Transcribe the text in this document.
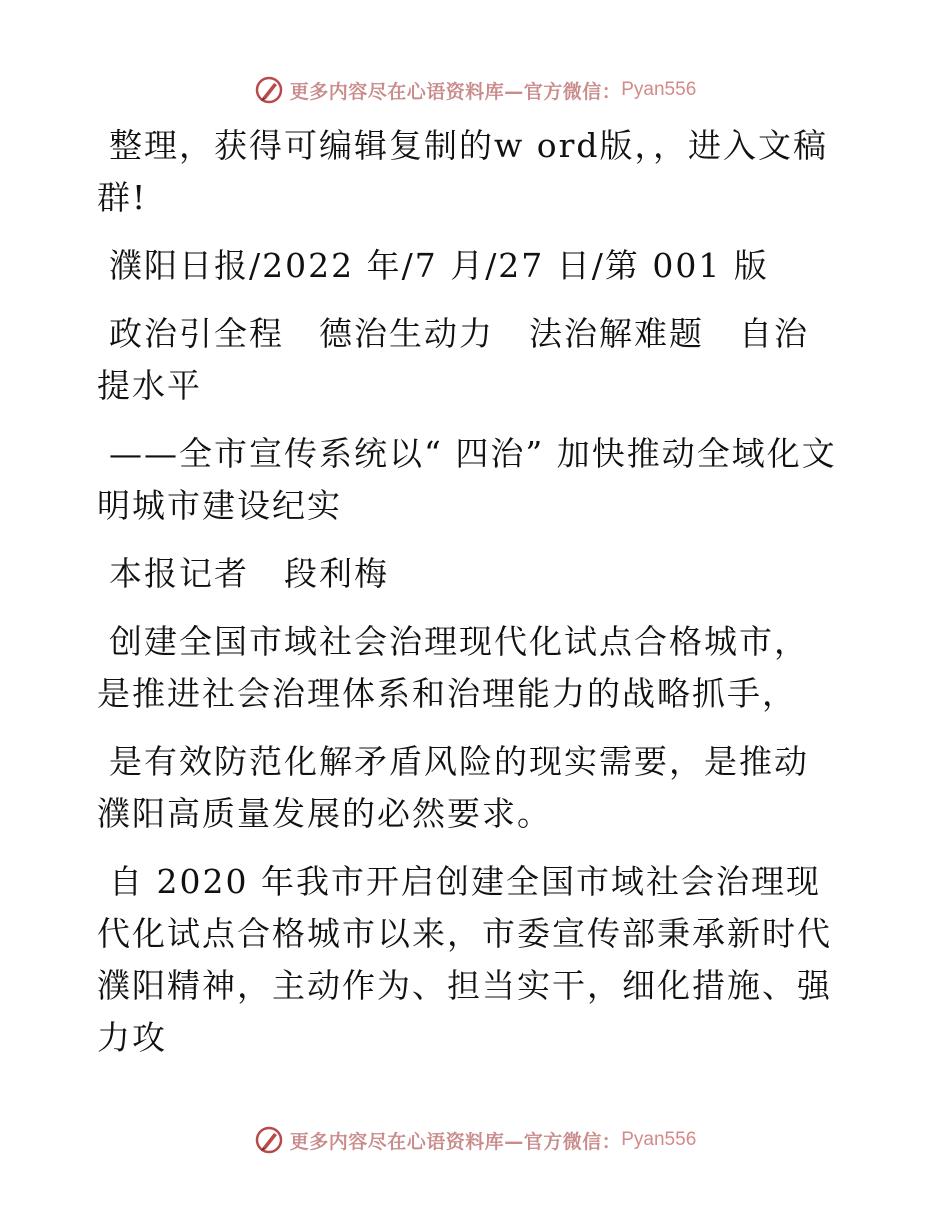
更多内容尽在心语资料库—官方微信： Pyan556

整理，获得可编辑复制的w ord版，，进入文稿群!

濮阳日报/2022 年/7 月/27 日/第 001 版

政治引全程　德治生动力　法治解难题　自治提水平

——全市宣传系统以“ 四治” 加快推动全域化文明城市建设纪实

本报记者　段利梅

创建全国市域社会治理现代化试点合格城市，是推进社会治理体系和治理能力的战略抓手，

是有效防范化解矛盾风险的现实需要，是推动濮阳高质量发展的必然要求。

自 2020 年我市开启创建全国市域社会治理现代化试点合格城市以来，市委宣传部秉承新时代濮阳精神，主动作为、担当实干，细化措施、强力攻

更多内容尽在心语资料库—官方微信： Pyan556
